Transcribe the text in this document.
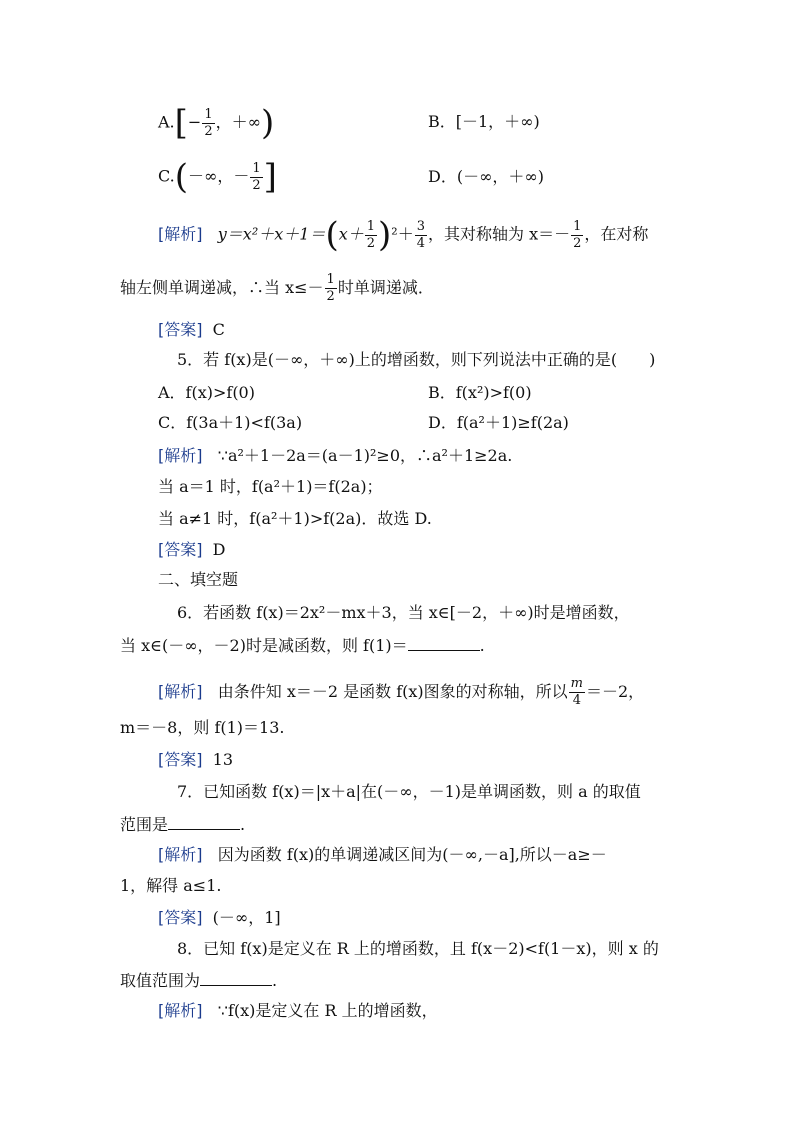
$A.[- \frac{1}{2}$ ，＋∞)	B．[－1，＋∞)
C.(－∞，－ $\frac{1}{2}$ ]	D．(－∞，＋∞)
[解析] $y=x^2+x+1=(x+ \frac{1}{2} )^2+ \frac{3}{4}$ ，其对称轴为 $x=- \frac{1}{2}$ ，在对称
轴左侧单调递减，∴当 $x\le- \frac{1}{2}$ 时单调递减．
[答案] C
5．若 f(x)是(－∞，＋∞)上的增函数，则下列说法中正确的是(　　)
A．f(x)>f(0)	B．f(x²)>f(0)
C．f(3a＋1)<f(3a)	D．f(a²＋1)≥f(2a)
[解析] ∵a²＋1－2a＝(a－1)²≥0，∴a²＋1≥2a.
当 a＝1 时，f(a²＋1)＝f(2a)；
当 a≠1 时，f(a²＋1)>f(2a)．故选 D.
[答案] D
二、填空题
6．若函数 f(x)＝2x²－mx＋3，当 x∈[－2，＋∞)时是增函数，
当 x∈(－∞，－2)时是减函数，则 f(1)＝	.
[解析] 由条件知 x＝－2 是函数 f(x)图象的对称轴，所以 $\frac{m}{4} =-2$，
m＝－8，则 f(1)＝13.
[答案] 13
7．已知函数 f(x)＝|x＋a|在(－∞，－1)是单调函数，则 a 的取值
范围是	.
[解析] 因为函数 f(x)的单调递减区间为(－∞,－a],所以－a≥－
1，解得 a≤1.
[答案] (－∞，1]
8．已知 f(x)是定义在 R 上的增函数，且 f(x－2)<f(1－x)，则 x 的
取值范围为	.
[解析] ∵f(x)是定义在 R 上的增函数，
